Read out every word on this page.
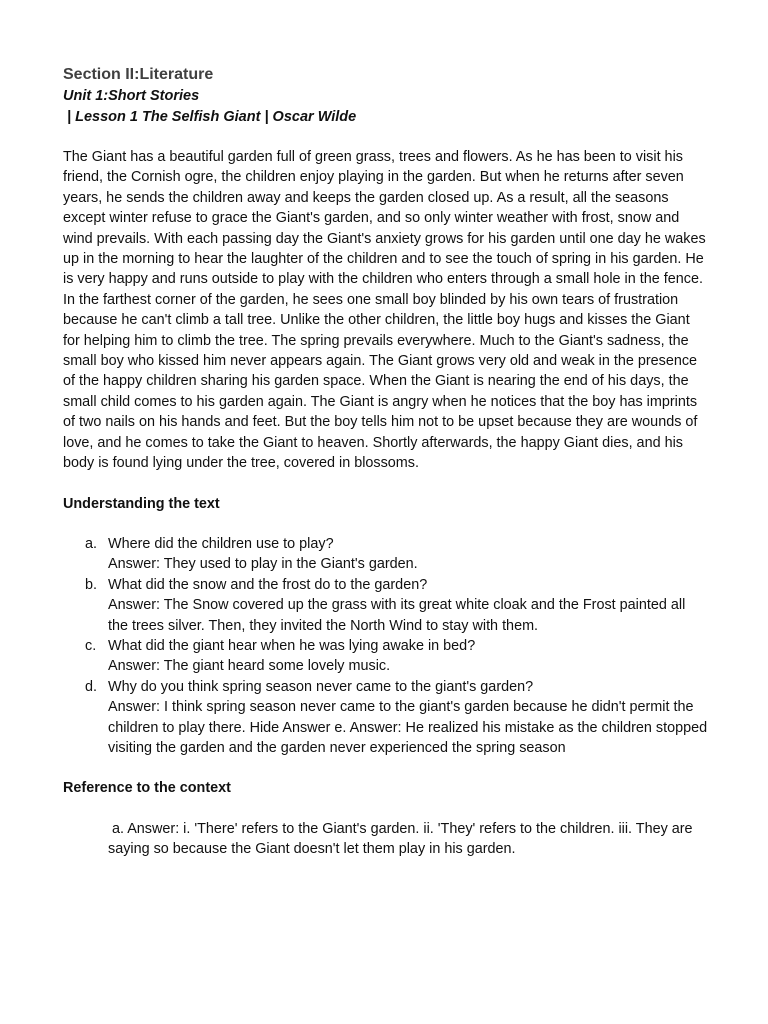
Section II:Literature
Unit 1:Short Stories
| Lesson 1 The Selfish Giant | Oscar Wilde

The Giant has a beautiful garden full of green grass, trees and flowers. As he has been to visit his friend, the Cornish ogre, the children enjoy playing in the garden. But when he returns after seven years, he sends the children away and keeps the garden closed up. As a result, all the seasons except winter refuse to grace the Giant's garden, and so only winter weather with frost, snow and wind prevails. With each passing day the Giant's anxiety grows for his garden until one day he wakes up in the morning to hear the laughter of the children and to see the touch of spring in his garden. He is very happy and runs outside to play with the children who enters through a small hole in the fence. In the farthest corner of the garden, he sees one small boy blinded by his own tears of frustration because he can't climb a tall tree. Unlike the other children, the little boy hugs and kisses the Giant for helping him to climb the tree. The spring prevails everywhere. Much to the Giant's sadness, the small boy who kissed him never appears again. The Giant grows very old and weak in the presence of the happy children sharing his garden space. When the Giant is nearing the end of his days, the small child comes to his garden again. The Giant is angry when he notices that the boy has imprints of two nails on his hands and feet. But the boy tells him not to be upset because they are wounds of love, and he comes to take the Giant to heaven. Shortly afterwards, the happy Giant dies, and his body is found lying under the tree, covered in blossoms.

Understanding the text
a. Where did the children use to play?
Answer: They used to play in the Giant's garden.
b. What did the snow and the frost do to the garden?
Answer: The Snow covered up the grass with its great white cloak and the Frost painted all the trees silver. Then, they invited the North Wind to stay with them.
c. What did the giant hear when he was lying awake in bed?
Answer: The giant heard some lovely music.
d. Why do you think spring season never came to the giant's garden?
Answer: I think spring season never came to the giant's garden because he didn't permit the children to play there. Hide Answer e. Answer: He realized his mistake as the children stopped visiting the garden and the garden never experienced the spring season
Reference to the context

a. Answer: i. 'There' refers to the Giant's garden. ii. 'They' refers to the children. iii. They are saying so because the Giant doesn't let them play in his garden.
